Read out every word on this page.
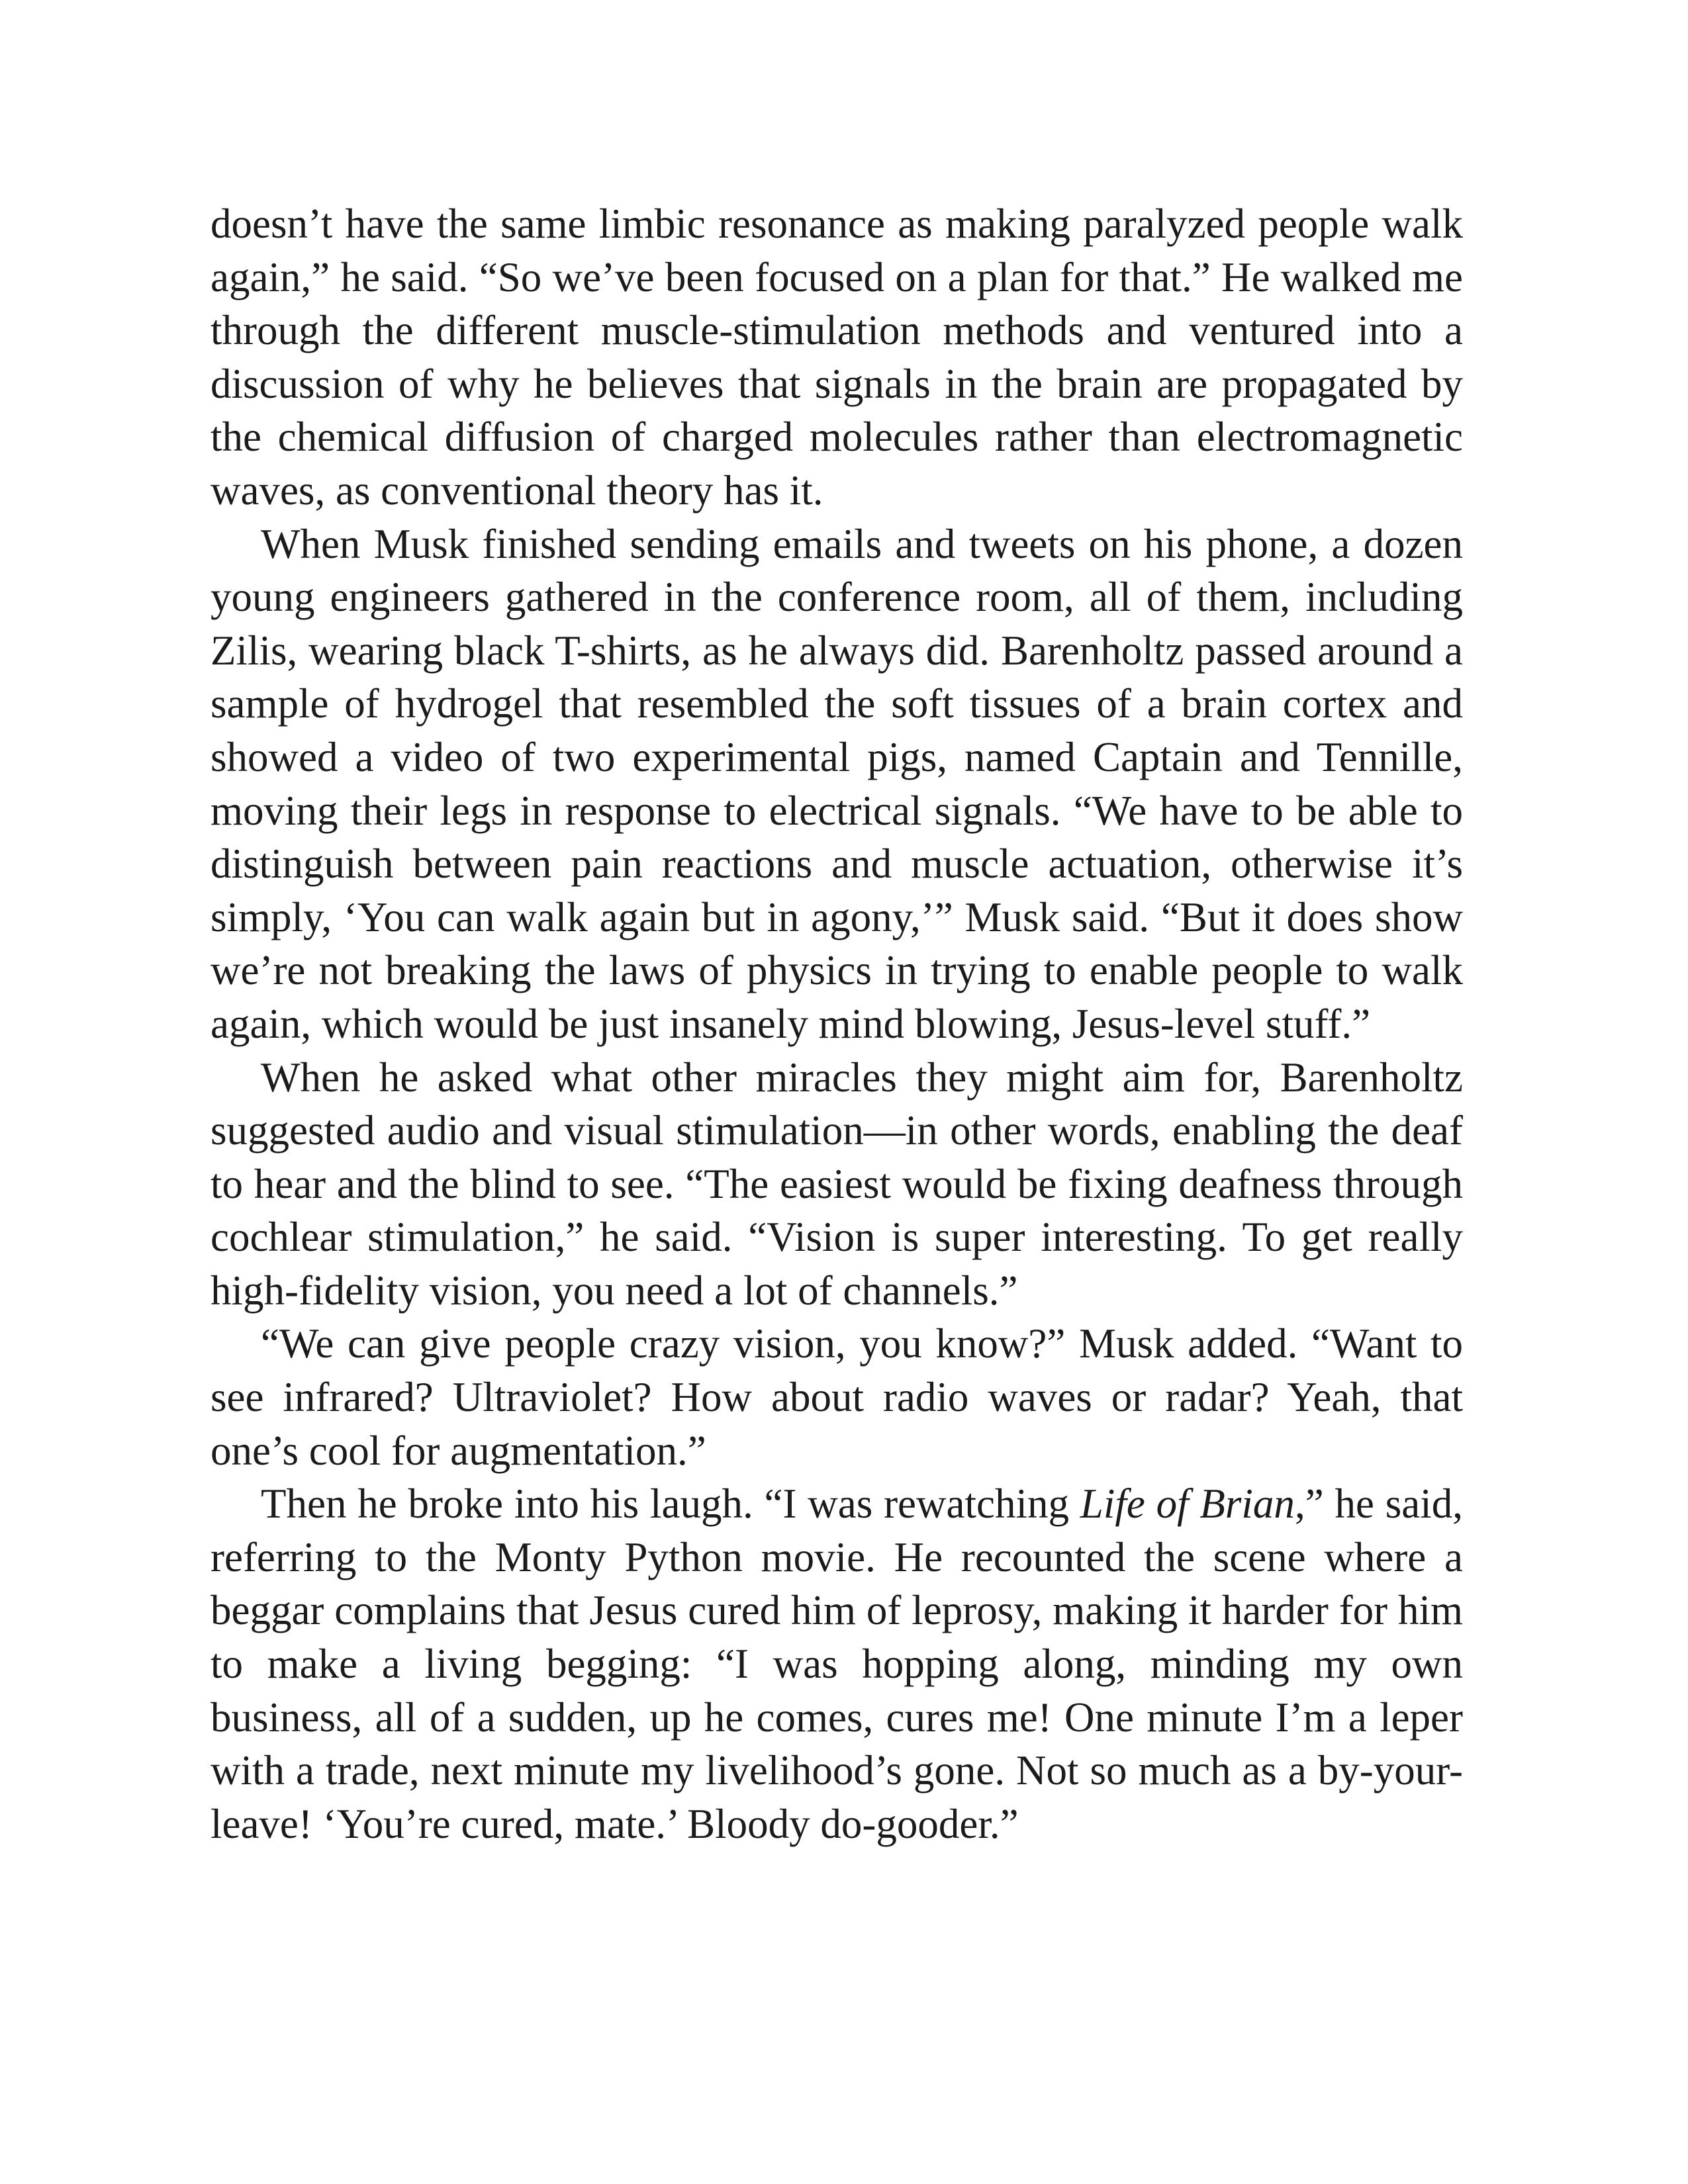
doesn’t have the same limbic resonance as making paralyzed people walk again,” he said. “So we’ve been focused on a plan for that.” He walked me through the different muscle-stimulation methods and ventured into a discussion of why he believes that signals in the brain are propagated by the chemical diffusion of charged molecules rather than electromagnetic waves, as conventional theory has it.

When Musk finished sending emails and tweets on his phone, a dozen young engineers gathered in the conference room, all of them, including Zilis, wearing black T-shirts, as he always did. Barenholtz passed around a sample of hydrogel that resembled the soft tissues of a brain cortex and showed a video of two experimental pigs, named Captain and Tennille, moving their legs in response to electrical signals. “We have to be able to distinguish between pain reactions and muscle actuation, otherwise it’s simply, ‘You can walk again but in agony,’” Musk said. “But it does show we’re not breaking the laws of physics in trying to enable people to walk again, which would be just insanely mind blowing, Jesus-level stuff.”

When he asked what other miracles they might aim for, Barenholtz suggested audio and visual stimulation—in other words, enabling the deaf to hear and the blind to see. “The easiest would be fixing deafness through cochlear stimulation,” he said. “Vision is super interesting. To get really high-fidelity vision, you need a lot of channels.”

“We can give people crazy vision, you know?” Musk added. “Want to see infrared? Ultraviolet? How about radio waves or radar? Yeah, that one’s cool for augmentation.”

Then he broke into his laugh. “I was rewatching Life of Brian,” he said, referring to the Monty Python movie. He recounted the scene where a beggar complains that Jesus cured him of leprosy, making it harder for him to make a living begging: “I was hopping along, minding my own business, all of a sudden, up he comes, cures me! One minute I’m a leper with a trade, next minute my livelihood’s gone. Not so much as a by-your-leave! ‘You’re cured, mate.’ Bloody do-gooder.”
